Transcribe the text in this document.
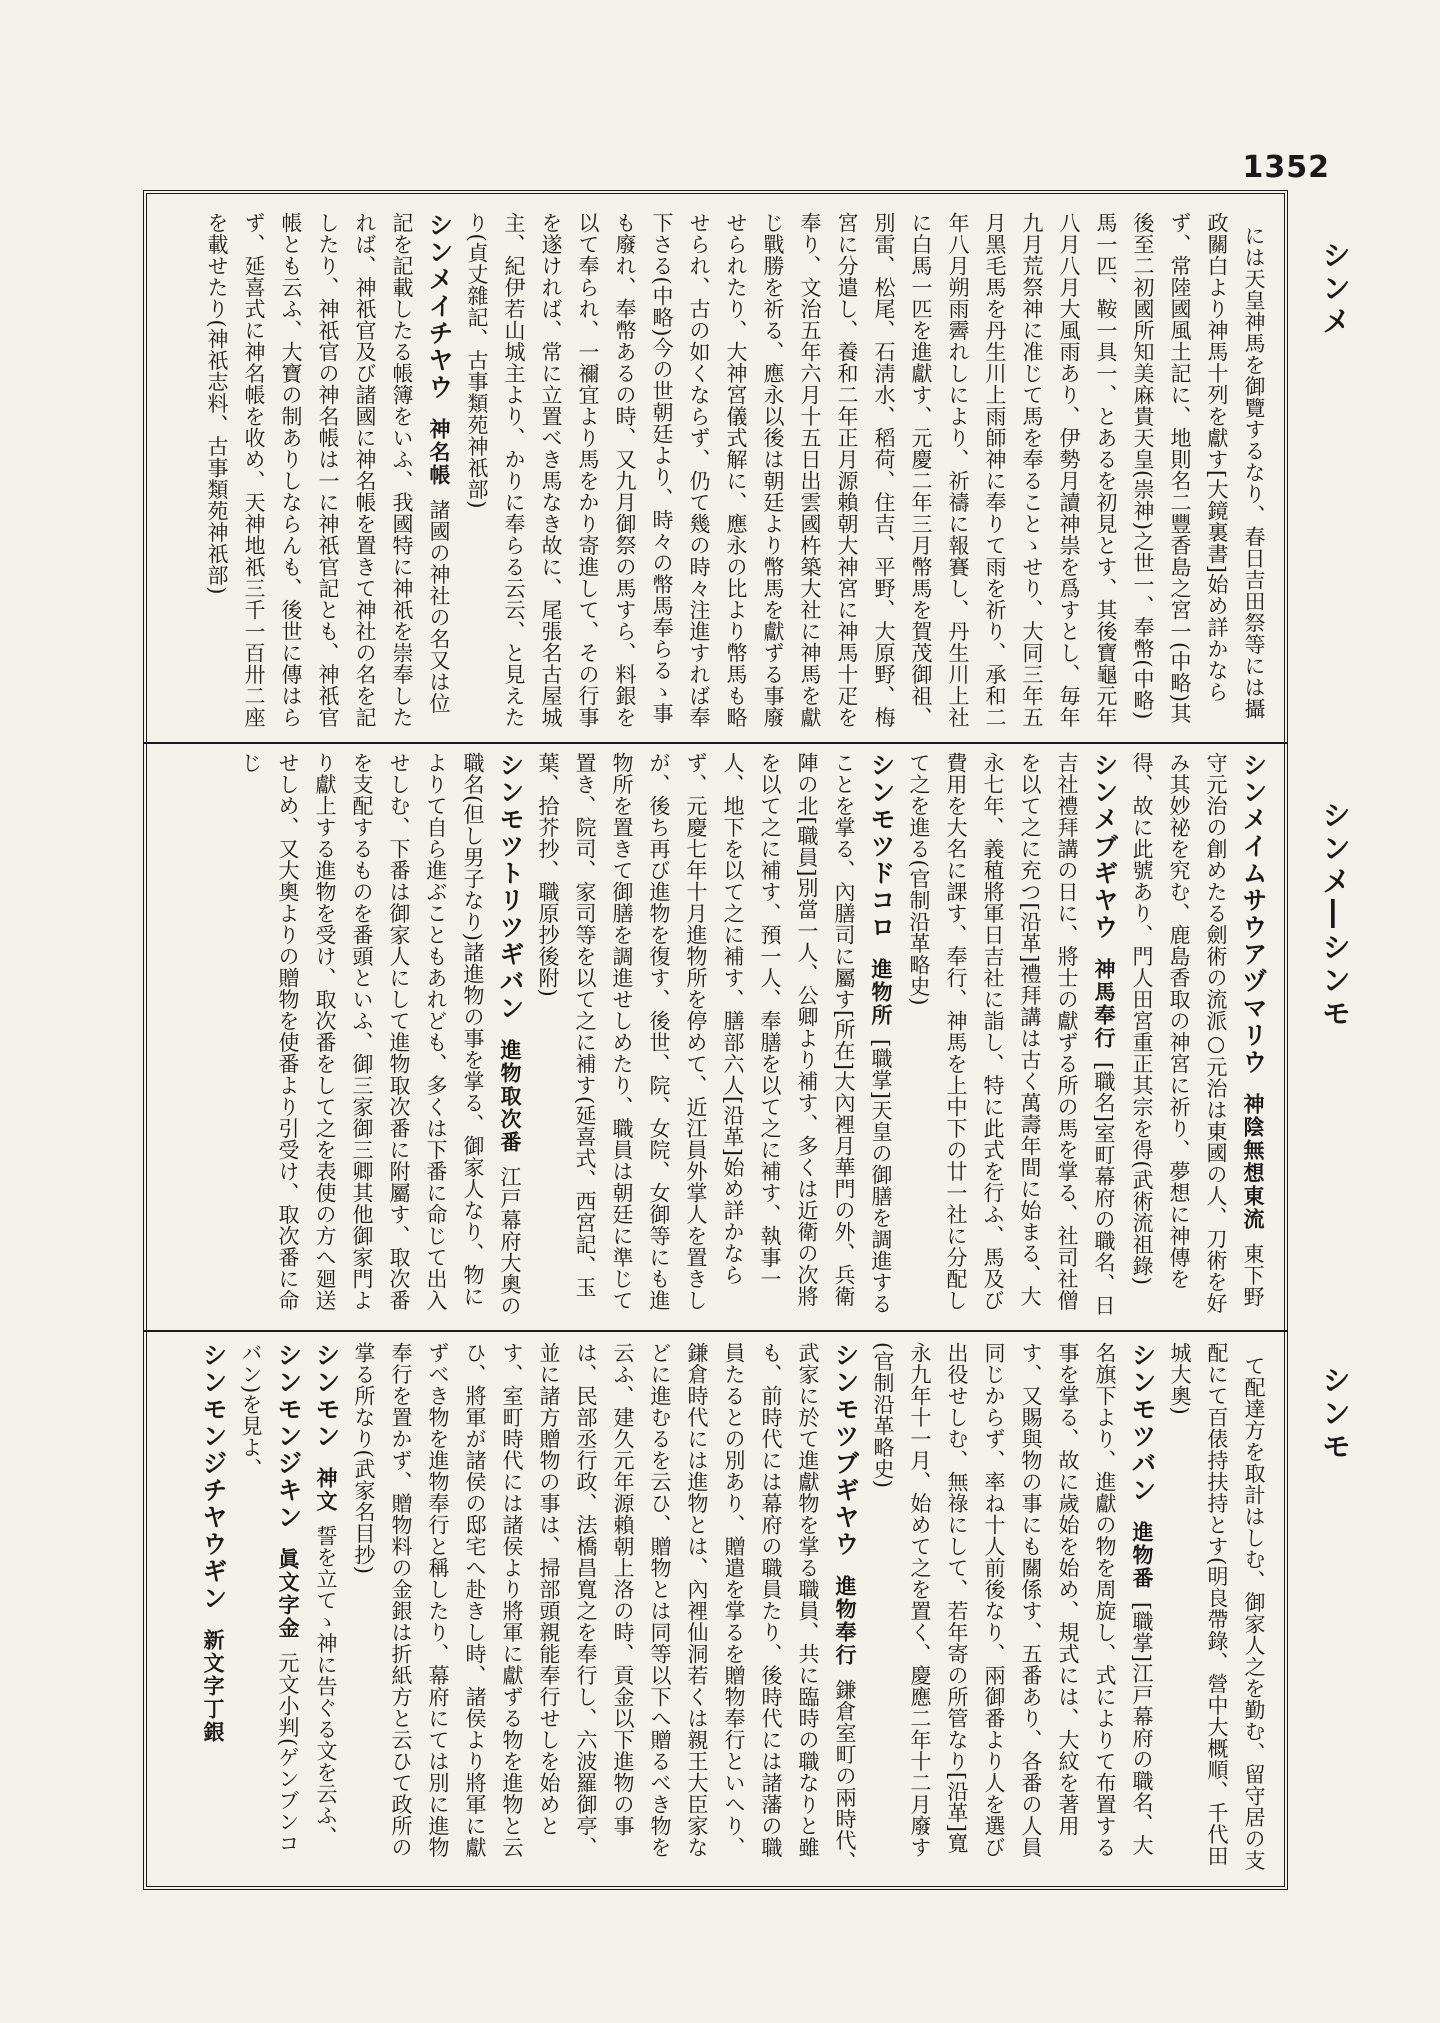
1352
シンメ
シンメ―シンモ
シンモ
には天皇神馬を御覽するなり、春日吉田祭等には攝政關白より神馬十列を獻す[大鏡裏書]始め詳かならず、常陸國風土記に、地則名二豐香島之宮一(中略)其後至二初國所知美麻貴天皇(崇神)之世一、奉幣(中略)馬一匹、鞍一具一、とあるを初見とす、其後寶龜元年八月八月大風雨あり、伊勢月讀神祟を爲すとし、毎年九月荒祭神に准じて馬を奉ることゝせり、大同三年五月黑毛馬を丹生川上雨師神に奉りて雨を祈り、承和二年八月朔雨霽れしにより、祈禱に報賽し、丹生川上社に白馬一匹を進獻す、元慶二年三月幣馬を賀茂御祖、別雷、松尾、石淸水、稻荷、住吉、平野、大原野、梅宮に分遣し、養和二年正月源賴朝大神宮に神馬十疋を奉り、文治五年六月十五日出雲國杵築大社に神馬を獻じ戰勝を祈る、應永以後は朝廷より幣馬を獻ずる事廢せられたり、大神宮儀式解に、應永の比より幣馬も略せられ、古の如くならず、仍て幾の時々注進すれば奉下さる(中略)今の世朝廷より、時々の幣馬奉らるゝ事も廢れ、奉幣あるの時、又九月御祭の馬すら、料銀を以て奉られ、一禰宜より馬をかり寄進して、その行事を遂ければ、常に立置べき馬なき故に、尾張名古屋城主、紀伊若山城主より、かりに奉らる云云、と見えたり(貞丈雜記、古事類苑神祇部)
シンメイチヤウ神名帳諸國の神社の名又は位記を記載したる帳簿をいふ、我國特に神祇を崇奉したれば、神祇官及び諸國に神名帳を置きて神社の名を記したり、神祇官の神名帳は一に神祇官記とも、神祇官帳とも云ふ、大寶の制ありしならんも、後世に傳はらず、延喜式に神名帳を收め、天神地祇三千一百卅二座を載せたり(神祇志料、古事類苑神祇部)
シンメイムサウアヅマリウ神陰無想東流東下野守元治の創めたる劍術の流派○元治は東國の人、刀術を好み其妙祕を究む、鹿島香取の神宮に祈り、夢想に神傳を得、故に此號あり、門人田宮重正其宗を得(武術流祖錄)
シンメブギヤウ神馬奉行[職名]室町幕府の職名、日吉社禮拜講の日に、將士の獻ずる所の馬を掌る、社司社僧を以て之に充つ[沿革]禮拜講は古く萬壽年間に始まる、大永七年、義稙將軍日吉社に詣し、特に此式を行ふ、馬及び費用を大名に課す、奉行、神馬を上中下の廿一社に分配して之を進る(官制沿革略史)
シンモツドコロ進物所[職掌]天皇の御膳を調進することを掌る、內膳司に屬す[所在]大內裡月華門の外、兵衛陣の北[職員]別當一人、公卿より補す、多くは近衛の次將を以て之に補す、預一人、奉膳を以て之に補す、執事一人、地下を以て之に補す、膳部六人[沿革]始め詳かならず、元慶七年十月進物所を停めて、近江員外掌人を置きしが、後ち再び進物を復す、後世、院、女院、女御等にも進物所を置きて御膳を調進せしめたり、職員は朝廷に準じて置き、院司、家司等を以て之に補す(延喜式、西宮記、玉葉、拾芥抄、職原抄後附)
シンモツトリツギバン進物取次番江戸幕府大奧の職名(但し男子なり)諸進物の事を掌る、御家人なり、物によりて自ら進ぶこともあれども、多くは下番に命じて出入せしむ、下番は御家人にして進物取次番に附屬す、取次番を支配するものを番頭といふ、御三家御三卿其他御家門より獻上する進物を受け、取次番をして之を表使の方へ廻送せしめ、又大奧よりの贈物を使番より引受け、取次番に命じ
て配達方を取計はしむ、御家人之を勤む、留守居の支配にて百俵持扶持とす(明良帶錄、營中大概順、千代田城大奧)
シンモツバン進物番[職掌]江戸幕府の職名、大名旗下より、進獻の物を周旋し、式によりて布置する事を掌る、故に歲始を始め、規式には、大紋を著用す、又賜與物の事にも關係す、五番あり、各番の人員同じからず、率ね十人前後なり、兩御番より人を選び出役せしむ、無祿にして、若年寄の所管なり[沿革]寬永九年十一月、始めて之を置く、慶應二年十二月廢す(官制沿革略史)
シンモツブギヤウ進物奉行鎌倉室町の兩時代、武家に於て進獻物を掌る職員、共に臨時の職なりと雖も、前時代には幕府の職員たり、後時代には諸藩の職員たるとの別あり、贈遣を掌るを贈物奉行といへり、鎌倉時代には進物とは、內裡仙洞若くは親王大臣家などに進むるを云ひ、贈物とは同等以下へ贈るべき物を云ふ、建久元年源賴朝上洛の時、貢金以下進物の事は、民部丞行政、法橋昌寬之を奉行し、六波羅御亭、並に諸方贈物の事は、掃部頭親能奉行せしを始めとす、室町時代には諸侯より將軍に獻ずる物を進物と云ひ、將軍が諸侯の邸宅へ赴きし時、諸侯より將軍に獻ずべき物を進物奉行と稱したり、幕府にては別に進物奉行を置かず、贈物料の金銀は折紙方と云ひて政所の掌る所なり(武家名目抄)
シンモン神文誓を立てゝ神に告ぐる文を云ふ、
シンモンジキン眞文字金元文小判(ゲンブンコバン)を見よ、
シンモンジチヤウギン新文字丁銀
